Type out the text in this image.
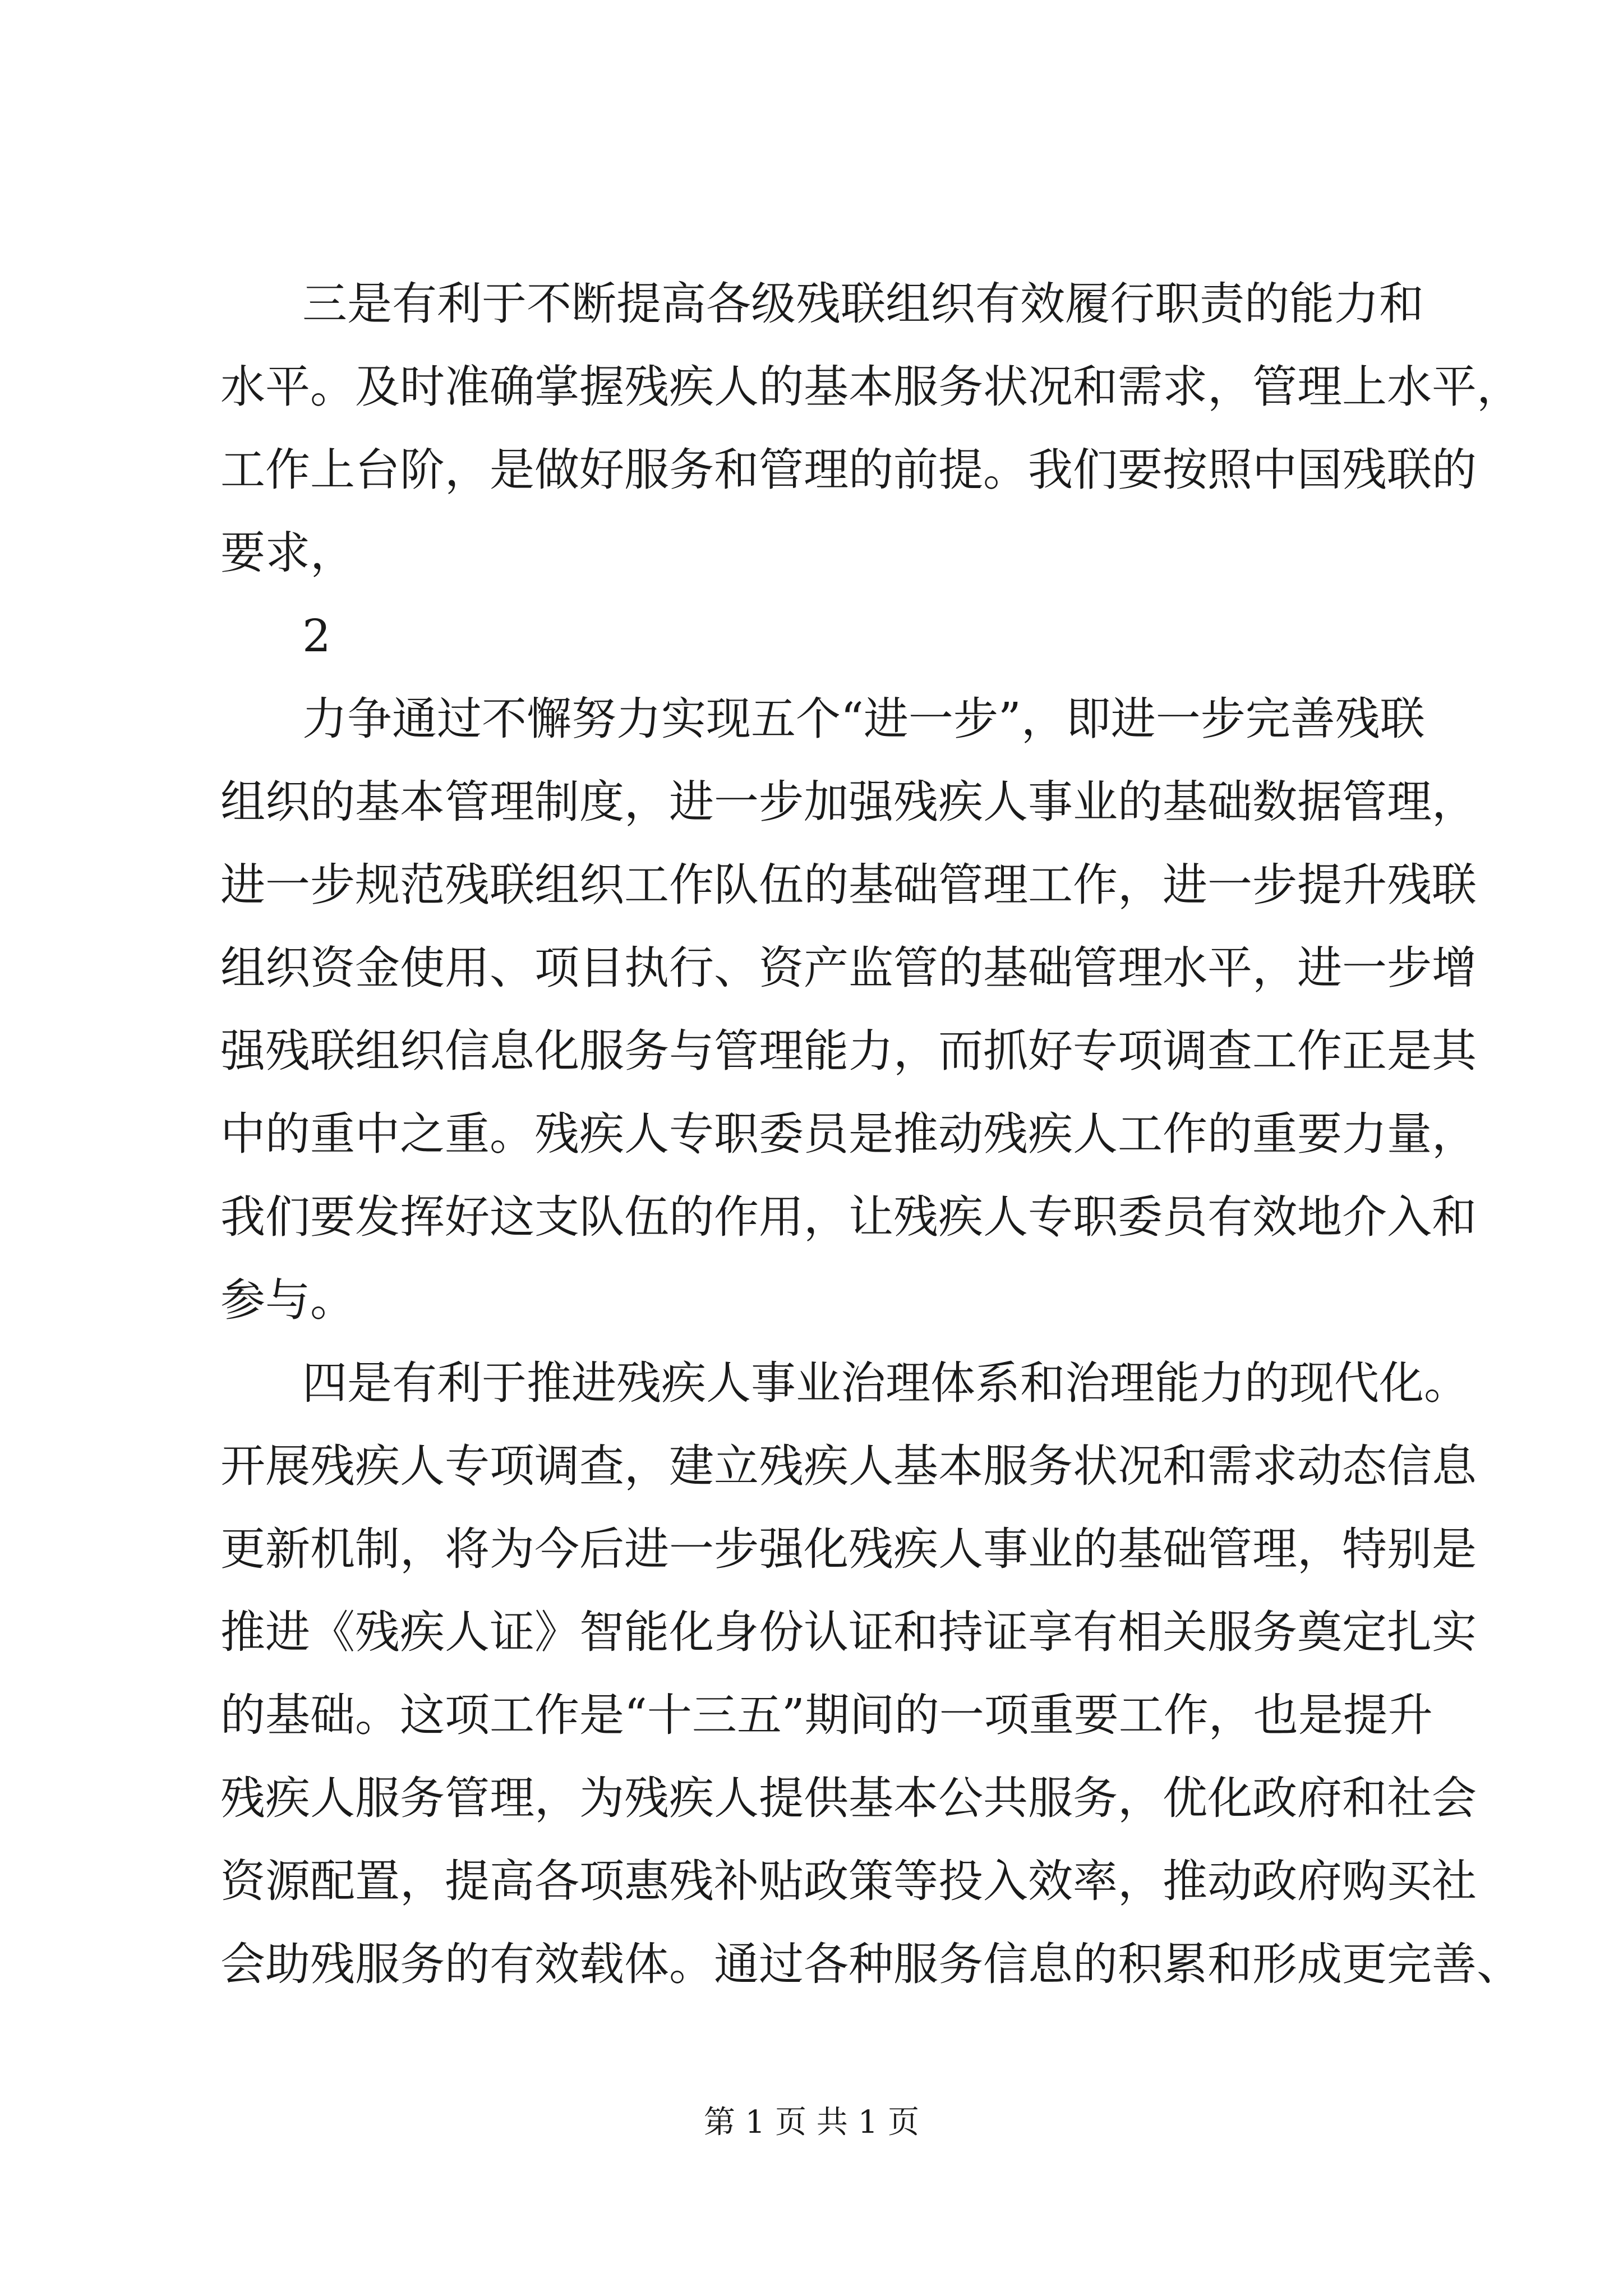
三是有利于不断提高各级残联组织有效履行职责的能力和
水平。及时准确掌握残疾人的基本服务状况和需求，管理上水平，
工作上台阶，是做好服务和管理的前提。我们要按照中国残联的
要求，
2
力争通过不懈努力实现五个“进一步”，即进一步完善残联
组织的基本管理制度，进一步加强残疾人事业的基础数据管理，
进一步规范残联组织工作队伍的基础管理工作，进一步提升残联
组织资金使用、项目执行、资产监管的基础管理水平，进一步增
强残联组织信息化服务与管理能力，而抓好专项调查工作正是其
中的重中之重。残疾人专职委员是推动残疾人工作的重要力量，
我们要发挥好这支队伍的作用，让残疾人专职委员有效地介入和
参与。
四是有利于推进残疾人事业治理体系和治理能力的现代化。
开展残疾人专项调查，建立残疾人基本服务状况和需求动态信息
更新机制，将为今后进一步强化残疾人事业的基础管理，特别是
推进《残疾人证》智能化身份认证和持证享有相关服务奠定扎实
的基础。这项工作是“十三五”期间的一项重要工作，也是提升
残疾人服务管理，为残疾人提供基本公共服务，优化政府和社会
资源配置，提高各项惠残补贴政策等投入效率，推动政府购买社
会助残服务的有效载体。通过各种服务信息的积累和形成更完善、
第 1 页 共 1 页
